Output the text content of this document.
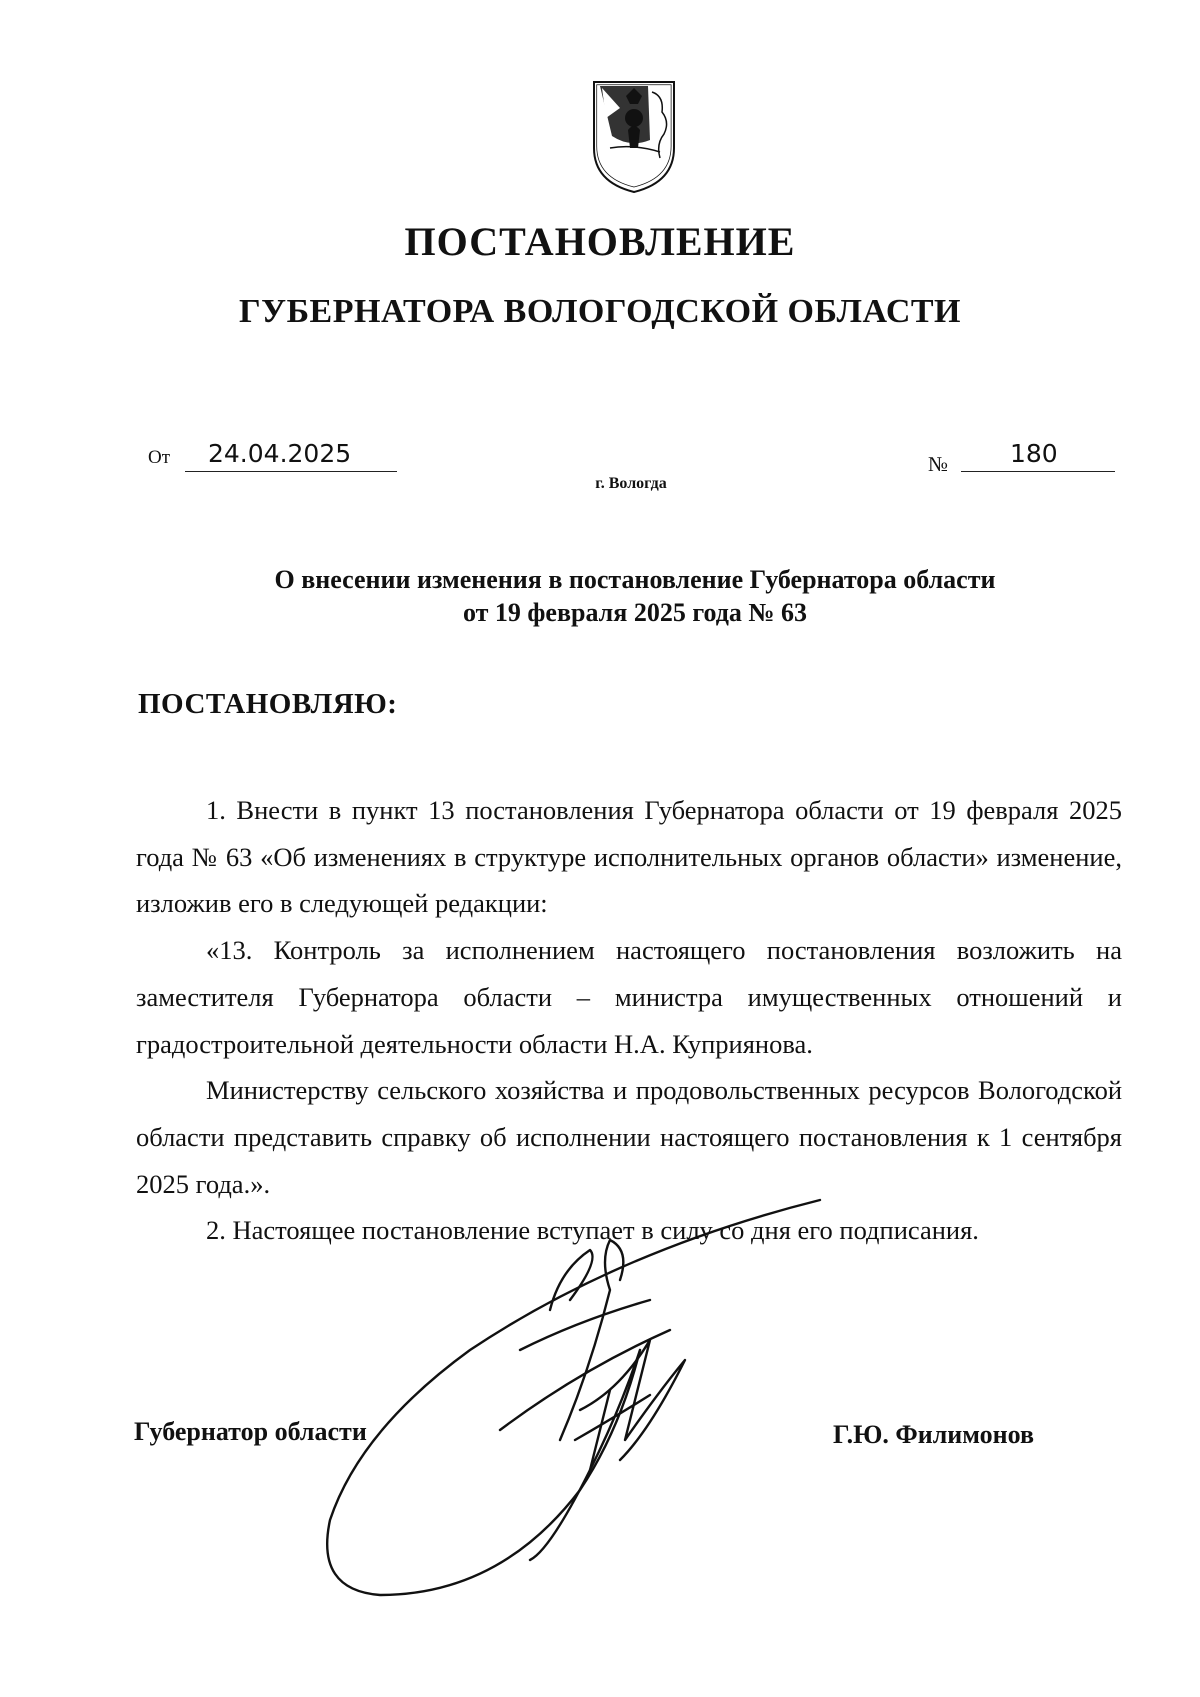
ПОСТАНОВЛЕНИЕ
ГУБЕРНАТОРА ВОЛОГОДСКОЙ ОБЛАСТИ
От 24.04.2025	№ 180
г. Вологда
О внесении изменения в постановление Губернатора области
от 19 февраля 2025 года № 63
ПОСТАНОВЛЯЮ:

1. Внести в пункт 13 постановления Губернатора области от 19 февраля 2025 года № 63 «Об изменениях в структуре исполнительных органов области» изменение, изложив его в следующей редакции:

«13. Контроль за исполнением настоящего постановления возложить на заместителя Губернатора области – министра имущественных отношений и градостроительной деятельности области Н.А. Куприянова.

Министерству сельского хозяйства и продовольственных ресурсов Вологодской области представить справку об исполнении настоящего постановления к 1 сентября 2025 года.».

2. Настоящее постановление вступает в силу со дня его подписания.

Губернатор области	Г.Ю. Филимонов
